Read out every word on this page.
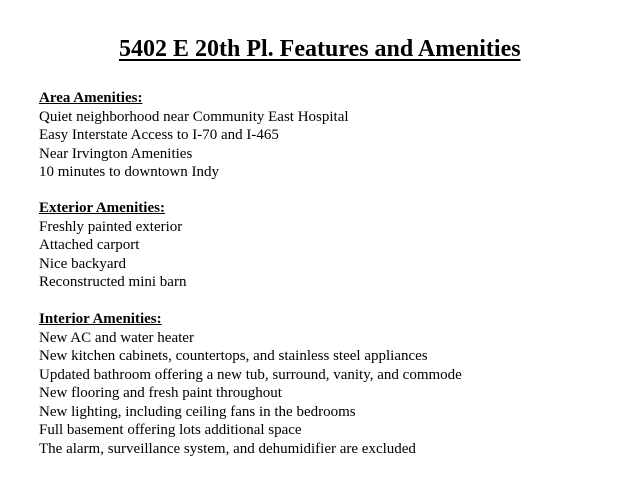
5402 E 20th Pl. Features and Amenities
Area Amenities:
Quiet neighborhood near Community East Hospital
Easy Interstate Access to I-70 and I-465
Near Irvington Amenities
10 minutes to downtown Indy
Exterior Amenities:
Freshly painted exterior
Attached carport
Nice backyard
Reconstructed mini barn
Interior Amenities:
New AC and water heater
New kitchen cabinets, countertops, and stainless steel appliances
Updated bathroom offering a new tub, surround, vanity, and commode
New flooring and fresh paint throughout
New lighting, including ceiling fans in the bedrooms
Full basement offering lots additional space
The alarm, surveillance system, and dehumidifier are excluded
